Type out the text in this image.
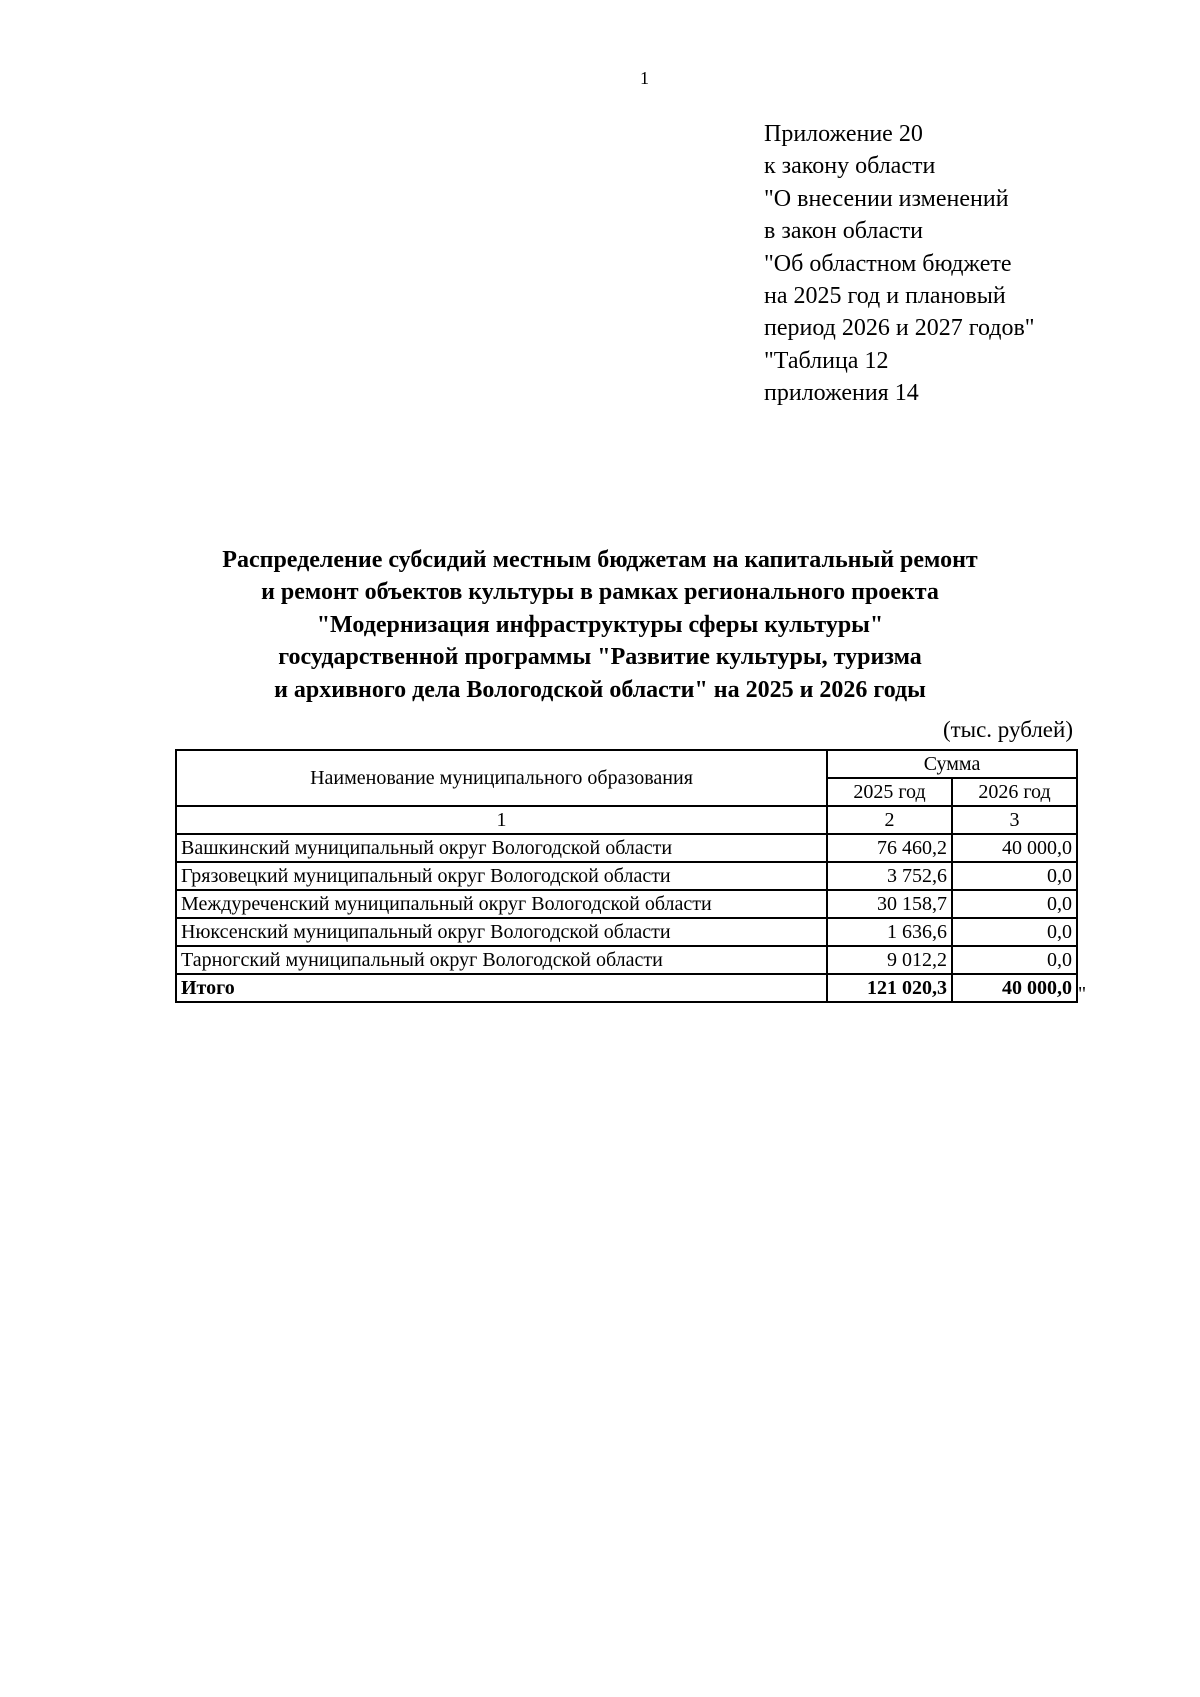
1
Приложение 20
к закону области
"О внесении изменений
в закон области
"Об областном бюджете
на 2025 год и плановый
период 2026 и 2027 годов"
"Таблица 12
приложения 14
Распределение субсидий местным бюджетам на капитальный ремонт
и ремонт объектов культуры в рамках регионального проекта
"Модернизация инфраструктуры сферы культуры"
государственной программы "Развитие культуры, туризма
и архивного дела Вологодской области" на 2025 и 2026 годы
(тыс. рублей)
Наименование муниципального образования	Сумма	
	2025 год	2026 год
1	2	3
Вашкинский муниципальный округ Вологодской области	76 460,2	40 000,0
Грязовецкий муниципальный округ Вологодской области	3 752,6	0,0
Междуреченский муниципальный округ Вологодской области	30 158,7	0,0
Нюксенский муниципальный округ Вологодской области	1 636,6	0,0
Тарногский муниципальный округ Вологодской области	9 012,2	0,0
Итого	121 020,3	40 000,0 "
